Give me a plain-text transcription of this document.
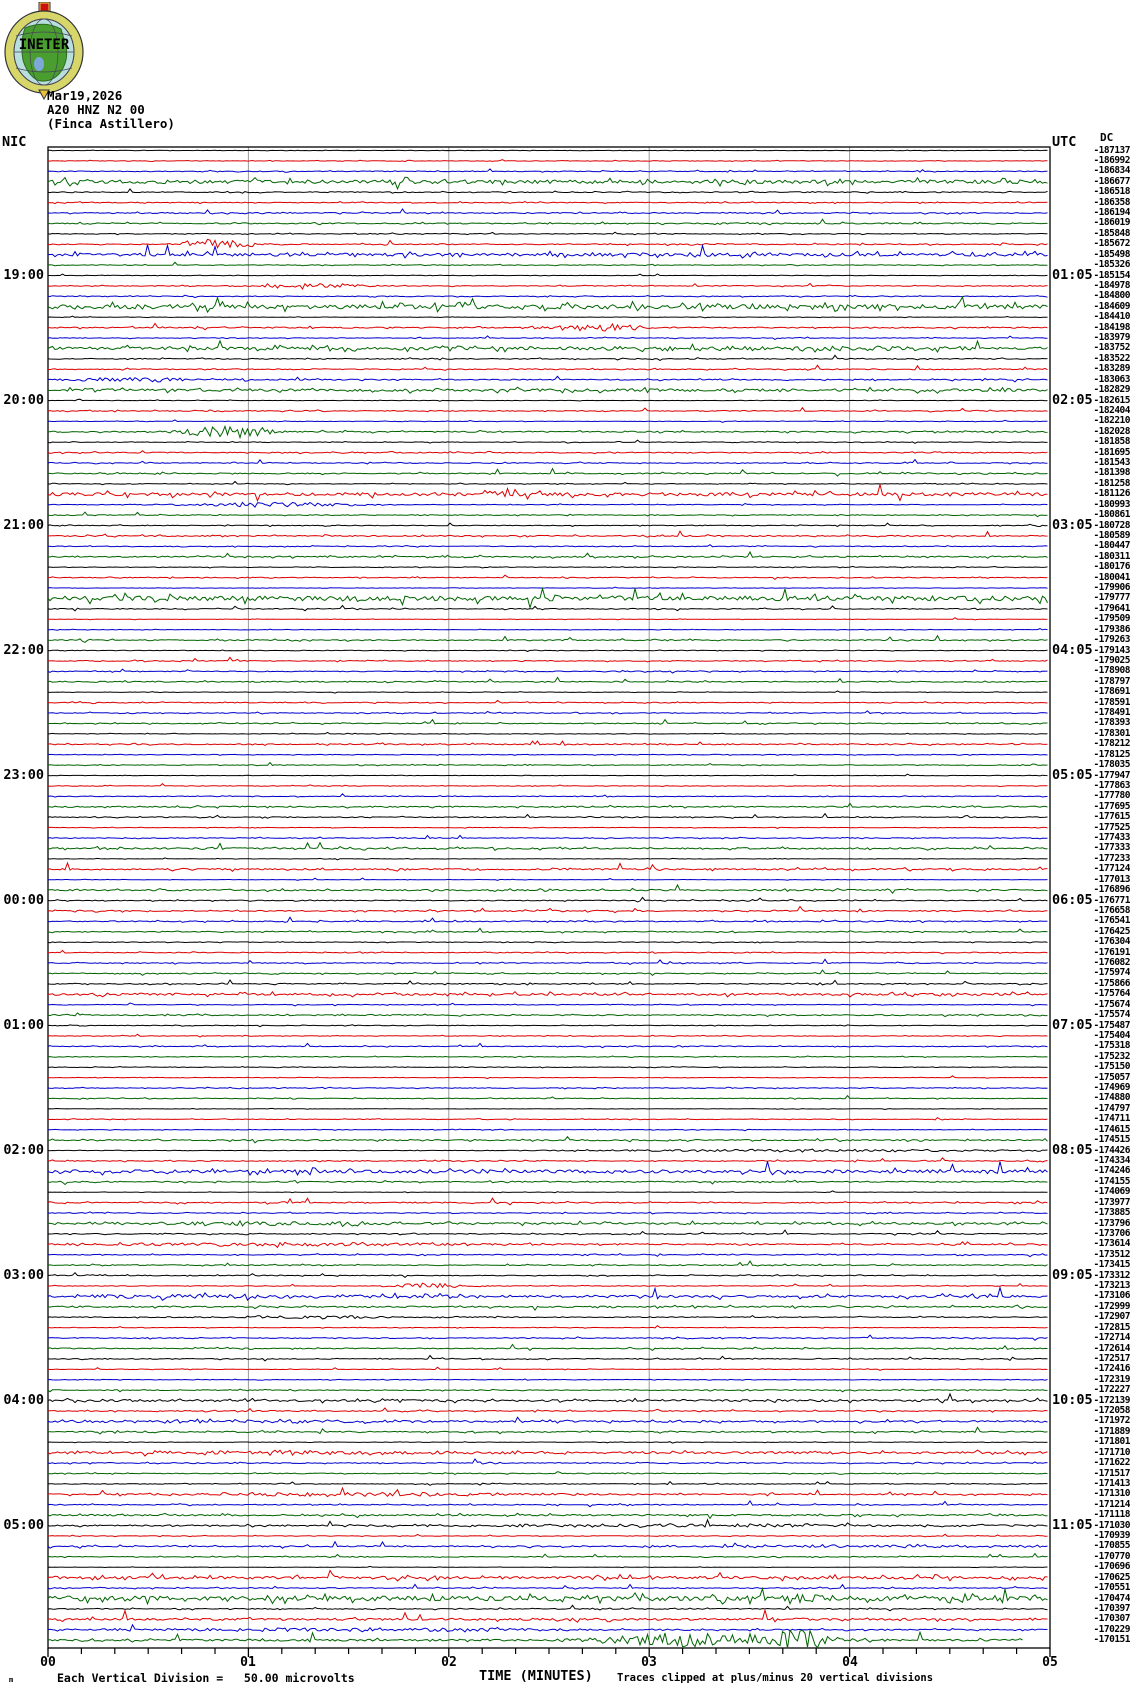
INETER
Mar19,2026
A20 HNZ N2 00
(Finca Astillero)
NIC	UTC DC
19:00
20:00
21:00
22:00
23:00
00:00
01:00
02:00
03:00
04:00
05:00
01:05
02:05
03:05
04:05
05:05
06:05
07:05
08:05
09:05
10:05
11:05
-187137
-186992
-186834
-186677
-186518
-186358
-186194
-186019
-185848
-185672
-185498
-185326
-185154
-184978
-184800
-184609
-184410
-184198
-183979
-183752
-183522
-183289
-183063
-182829
-182615
-182404
-182210
-182028
-181858
-181695
-181543
-181398
-181258
-181126
-180993
-180861
-180728
-180589
-180447
-180311
-180176
-180041
-179906
-179777
-179641
-179509
-179386
-179263
-179143
-179025
-178908
-178797
-178691
-178591
-178491
-178393
-178301
-178212
-178125
-178035
-177947
-177863
-177780
-177695
-177615
-177525
-177433
-177333
-177233
-177124
-177013
-176896
-176771
-176658
-176541
-176425
-176304
-176191
-176082
-175974
-175866
-175764
-175674
-175574
-175487
-175404
-175318
-175232
-175150
-175057
-174969
-174880
-174797
-174711
-174615
-174515
-174426
-174334
-174246
-174155
-174069
-173977
-173885
-173796
-173706
-173614
-173512
-173415
-173312
-173213
-173106
-172999
-172907
-172815
-172714
-172614
-172517
-172416
-172319
-172227
-172139
-172058
-171972
-171889
-171801
-171710
-171622
-171517
-171413
-171310
-171214
-171118
-171030
-170939
-170855
-170770
-170696
-170625
-170551
-170474
-170397
-170307
-170229
-170151
00	01	02	03	04	05
m	Each Vertical Division =   50.00 microvolts	TIME (MINUTES) Traces clipped at plus/minus 20 vertical divisions
